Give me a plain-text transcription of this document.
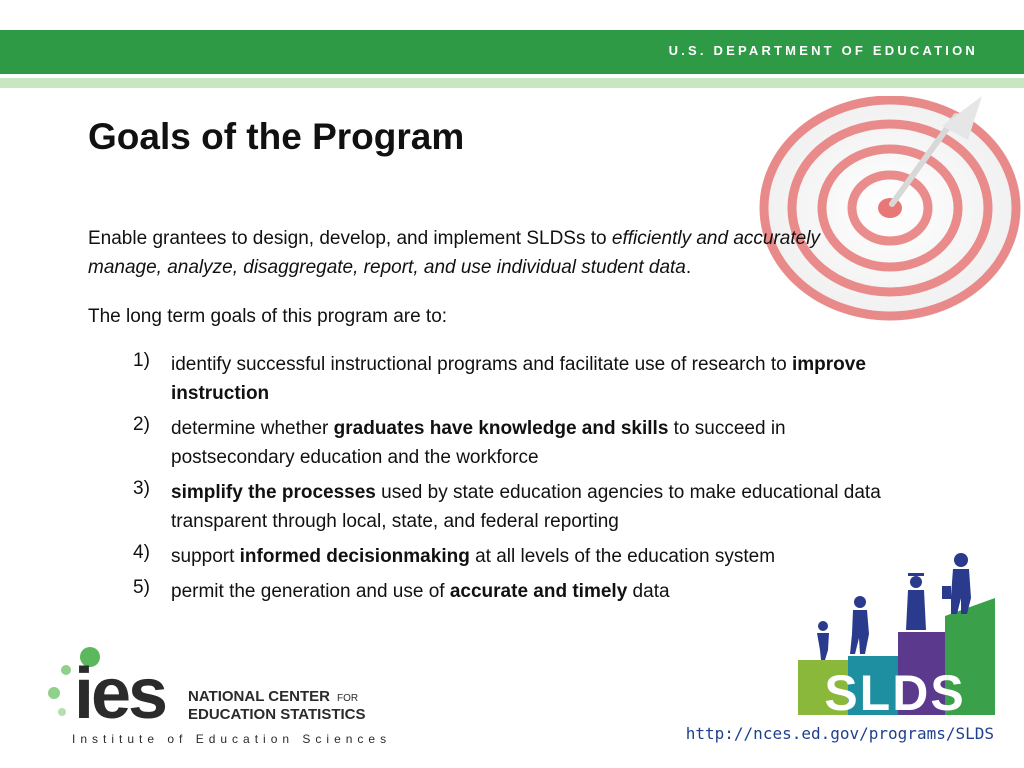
U.S. DEPARTMENT OF EDUCATION
Goals of the Program

Enable grantees to design, develop, and implement SLDSs to efficiently and accurately manage, analyze, disaggregate, report, and use individual student data.

The long term goals of this program are to:

1) identify successful instructional programs and facilitate use of research to improve instruction
2) determine whether graduates have knowledge and skills to succeed in postsecondary education and the workforce
3) simplify the processes used by state education agencies to make educational data transparent through local, state, and federal reporting
4) support informed decisionmaking at all levels of the education system
5) permit the generation and use of accurate and timely data
ies NATIONAL CENTER FOR
EDUCATION STATISTICS
Institute of Education Sciences
SLDS
http://nces.ed.gov/programs/SLDS
